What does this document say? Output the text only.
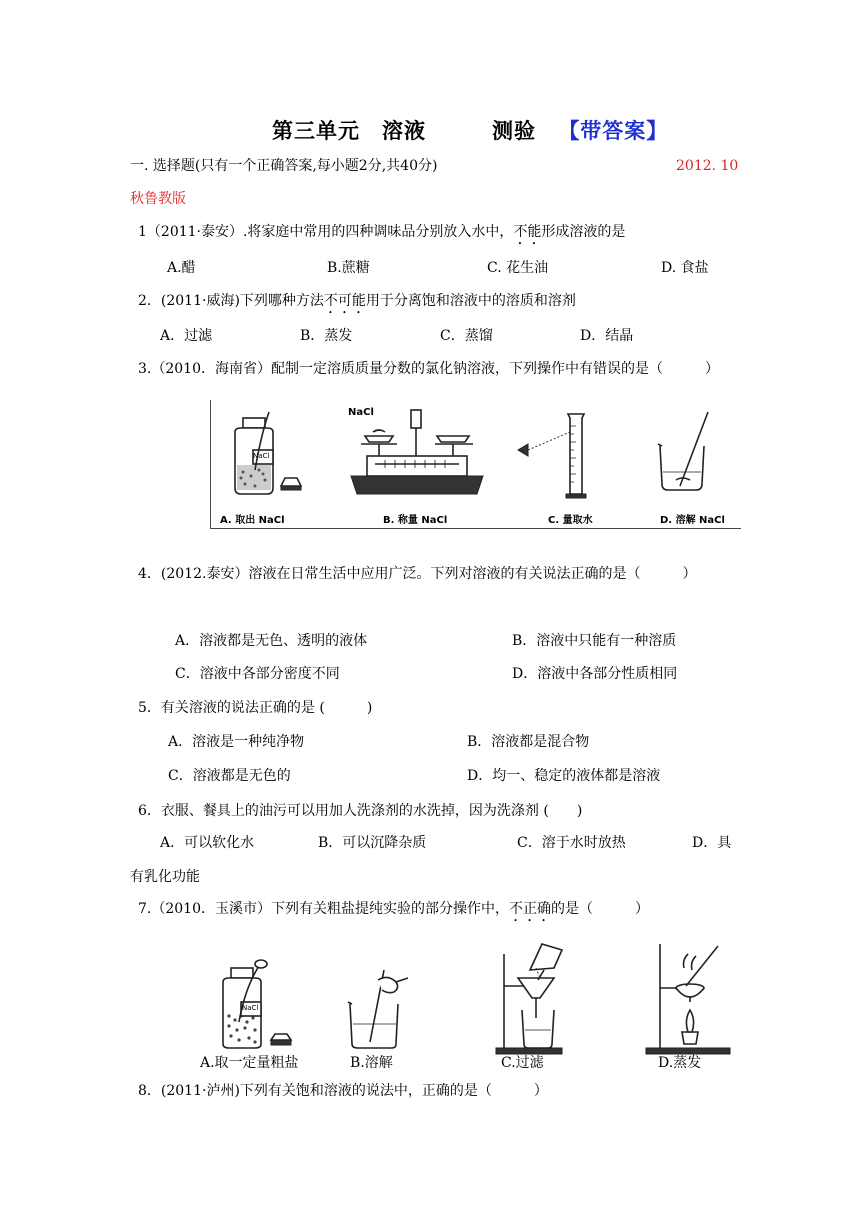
第三单元　溶液　　　测验 【带答案】
一. 选择题(只有一个正确答案,每小题2分,共40分)	2012. 10
秋鲁教版
1（2011·泰安）.将家庭中常用的四种调味品分别放入水中，不能形成溶液的是
A.醋	B.蔗糖	C. 花生油	D. 食盐
2．(2011·威海)下列哪种方法不可能用于分离饱和溶液中的溶质和溶剂
A．过滤	B．蒸发	C．蒸馏	D．结晶
3.（2010．海南省）配制一定溶质质量分数的氯化钠溶液，下列操作中有错误的是（　　　）
NaCl
NaCl
A. 取出 NaCl	B. 称量 NaCl	C. 量取水	D. 溶解 NaCl
4．(2012.泰安）溶液在日常生活中应用广泛。下列对溶液的有关说法正确的是（　　　）
A．溶液都是无色、透明的液体	B．溶液中只能有一种溶质
C．溶液中各部分密度不同	D．溶液中各部分性质相同
5．有关溶液的说法正确的是 (　　　)
A．溶液是一种纯净物	B．溶液都是混合物
C．溶液都是无色的	D．均一、稳定的液体都是溶液
6．衣服、餐具上的油污可以用加人洗涤剂的水洗掉，因为洗涤剂 (　　)
A．可以软化水	B．可以沉降杂质	C．溶于水时放热	D．具
有乳化功能
7.（2010．玉溪市）下列有关粗盐提纯实验的部分操作中，不正确的是（　　　）
NaCl
A.取一定量粗盐	B.溶解	C.过滤	D.蒸发
8．(2011·泸州)下列有关饱和溶液的说法中，正确的是（　　　）
